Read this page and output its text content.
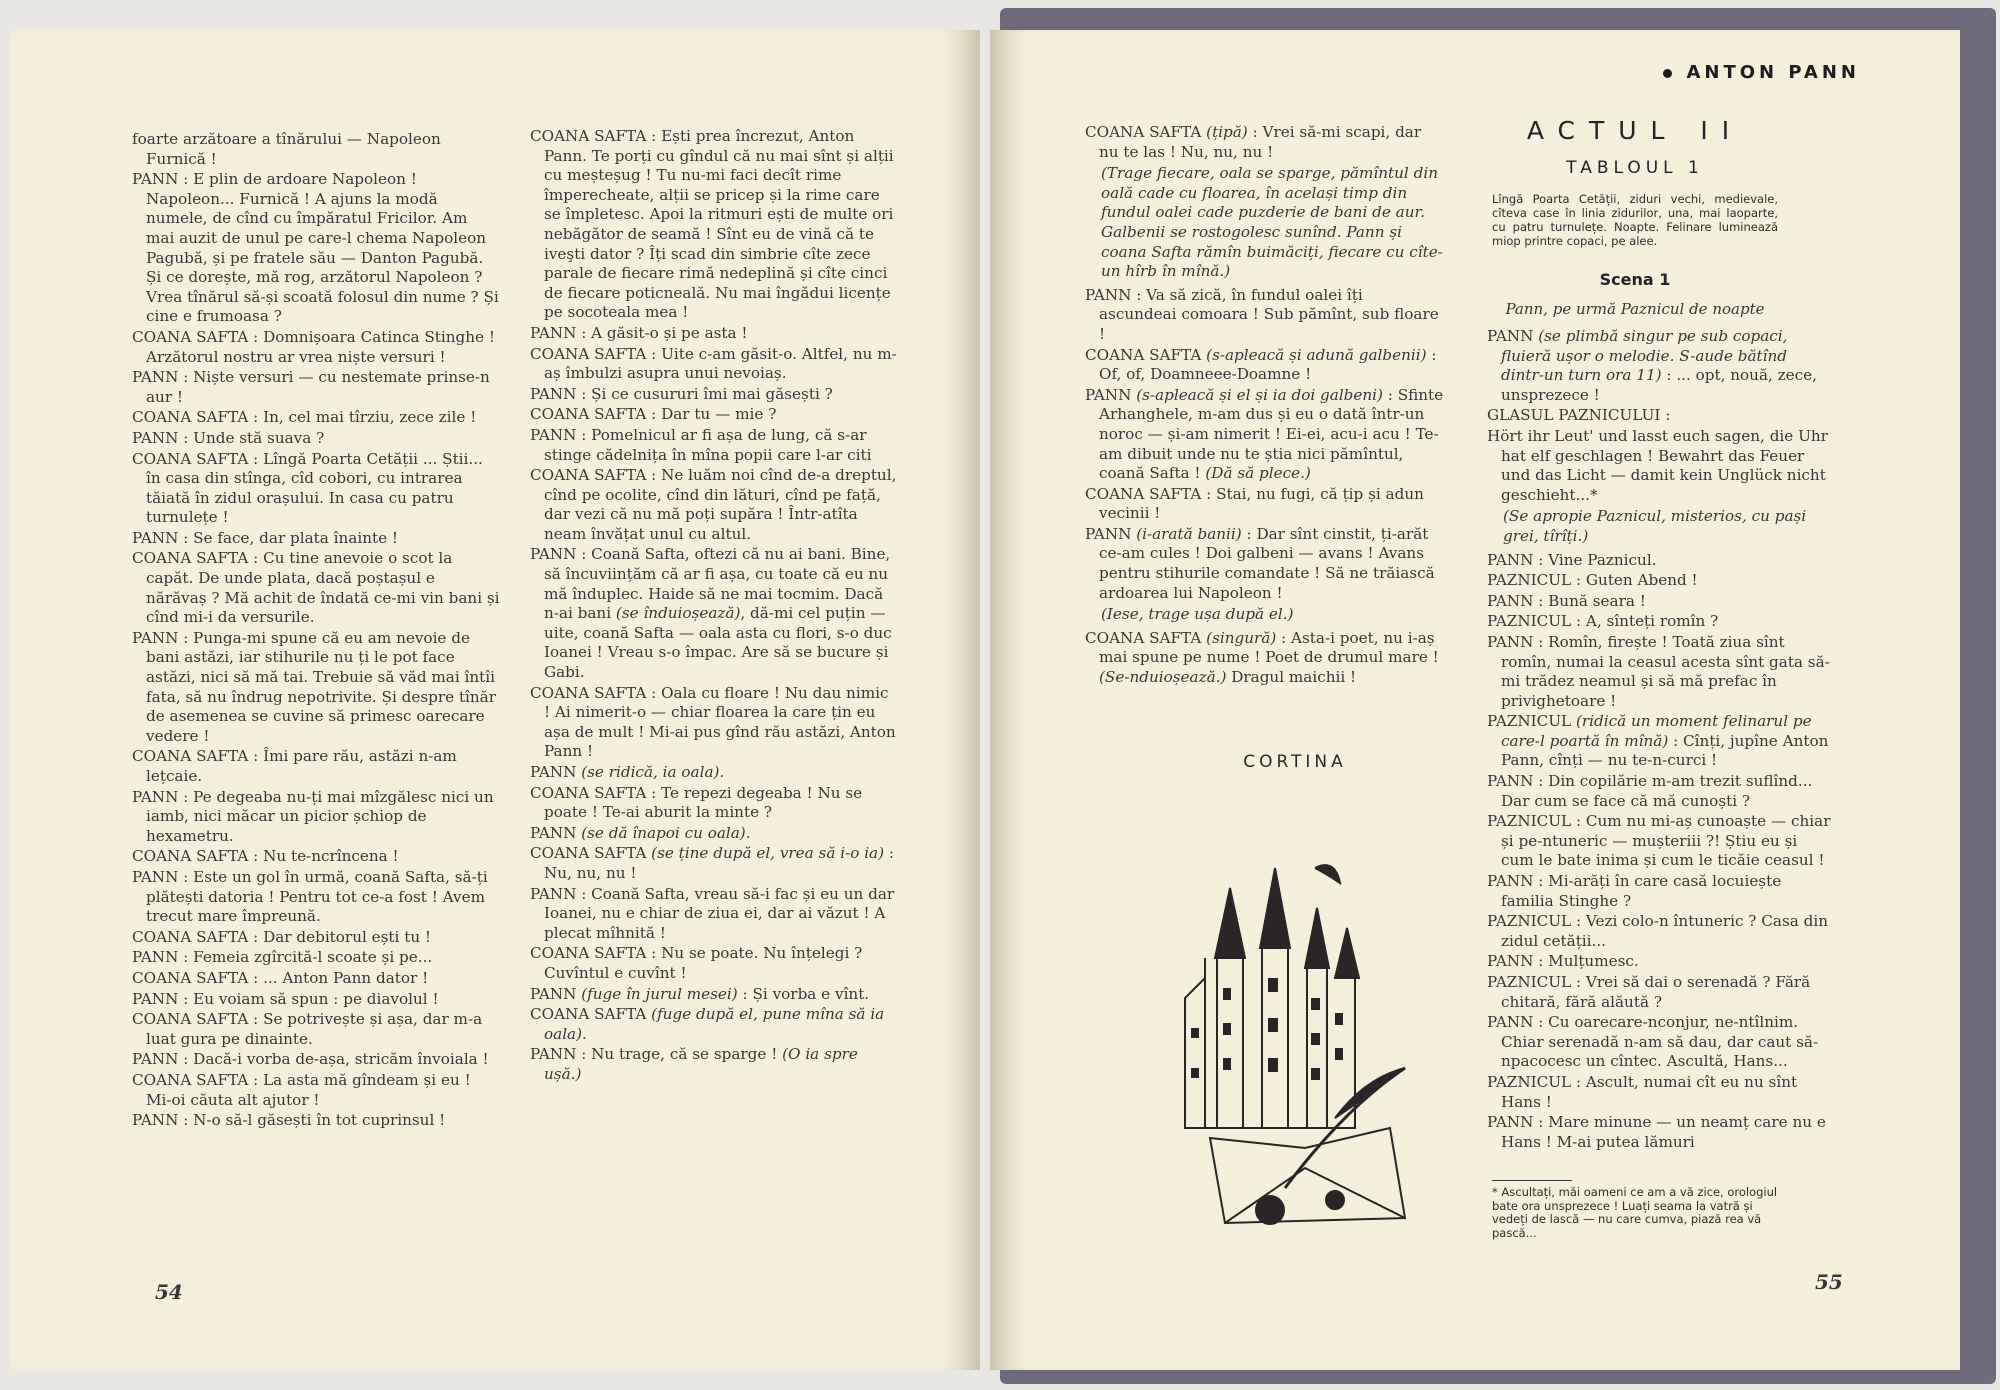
foarte arzătoare a tînărului — Napoleon Furnică !

PANN : E plin de ardoare Napoleon ! Napoleon... Furnică ! A ajuns la modă numele, de cînd cu împăratul Fricilor. Am mai auzit de unul pe care-l chema Napoleon Pagubă, și pe fratele său — Danton Pagubă. Și ce dorește, mă rog, arzătorul Napoleon ? Vrea tînărul să-și scoată folosul din nume ? Și cine e frumoasa ?

COANA SAFTA : Domnișoara Catinca Stinghe ! Arzătorul nostru ar vrea niște versuri !

PANN : Niște versuri — cu nestemate prinse-n aur !

COANA SAFTA : In, cel mai tîrziu, zece zile !

PANN : Unde stă suava ?

COANA SAFTA : Lîngă Poarta Cetății ... Știi... în casa din stînga, cîd cobori, cu intrarea tăiată în zidul orașului. In casa cu patru turnulețe !

PANN : Se face, dar plata înainte !

COANA SAFTA : Cu tine anevoie o scot la capăt. De unde plata, dacă poștașul e nărăvaș ? Mă achit de îndată ce-mi vin bani și cînd mi-i da versurile.

PANN : Punga-mi spune că eu am nevoie de bani astăzi, iar stihurile nu ți le pot face astăzi, nici să mă tai. Trebuie să văd mai întîi fata, să nu îndrug nepotrivite. Și despre tînăr de asemenea se cuvine să primesc oarecare vedere !

COANA SAFTA : Îmi pare rău, astăzi n-am lețcaie.

PANN : Pe degeaba nu-ți mai mîzgălesc nici un iamb, nici măcar un picior șchiop de hexametru.

COANA SAFTA : Nu te-ncrîncena !

PANN : Este un gol în urmă, coană Safta, să-ți plătești datoria ! Pentru tot ce-a fost ! Avem trecut mare împreună.

COANA SAFTA : Dar debitorul ești tu !

PANN : Femeia zgîrcită-l scoate și pe...

COANA SAFTA : ... Anton Pann dator !

PANN : Eu voiam să spun : pe diavolul !

COANA SAFTA : Se potrivește și așa, dar m-a luat gura pe dinainte.

PANN : Dacă-i vorba de-așa, stricăm învoiala !

COANA SAFTA : La asta mă gîndeam și eu ! Mi-oi căuta alt ajutor !

PANN : N-o să-l găsești în tot cuprinsul !

COANA SAFTA : Ești prea încrezut, Anton Pann. Te porți cu gîndul că nu mai sînt și alții cu meșteșug ! Tu nu-mi faci decît rime împerecheate, alții se pricep și la rime care se împletesc. Apoi la ritmuri ești de multe ori nebăgător de seamă ! Sînt eu de vină că te iveşti dator ? Îți scad din simbrie cîte zece parale de fiecare rimă nedeplină și cîte cinci de fiecare poticneală. Nu mai îngădui licențe pe socoteala mea !

PANN : A găsit-o și pe asta !

COANA SAFTA : Uite c-am găsit-o. Altfel, nu m-aș îmbulzi asupra unui nevoiaș.

PANN : Și ce cusururi îmi mai găsești ?

COANA SAFTA : Dar tu — mie ?

PANN : Pomelnicul ar fi așa de lung, că s-ar stinge cădelnița în mîna popii care l-ar citi

COANA SAFTA : Ne luăm noi cînd de-a dreptul, cînd pe ocolite, cînd din lături, cînd pe față, dar vezi că nu mă poți supăra ! Într-atîta neam învățat unul cu altul.

PANN : Coană Safta, oftezi că nu ai bani. Bine, să încuviințăm că ar fi așa, cu toate că eu nu mă înduplec. Haide să ne mai tocmim. Dacă n-ai bani (se înduioșează), dă-mi cel puțin — uite, coană Safta — oala asta cu flori, s-o duc Ioanei ! Vreau s-o împac. Are să se bucure și Gabi.

COANA SAFTA : Oala cu floare ! Nu dau nimic ! Ai nimerit-o — chiar floarea la care țin eu așa de mult ! Mi-ai pus gînd rău astăzi, Anton Pann !

PANN (se ridică, ia oala).

COANA SAFTA : Te repezi degeaba ! Nu se poate ! Te-ai aburit la minte ?

PANN (se dă înapoi cu oala).

COANA SAFTA (se ține după el, vrea să i-o ia) : Nu, nu, nu !

PANN : Coană Safta, vreau să-i fac și eu un dar Ioanei, nu e chiar de ziua ei, dar ai văzut ! A plecat mîhnită !

COANA SAFTA : Nu se poate. Nu înțelegi ? Cuvîntul e cuvînt !

PANN (fuge în jurul mesei) : Și vorba e vînt.

COANA SAFTA (fuge după el, pune mîna să ia oala).

PANN : Nu trage, că se sparge ! (O ia spre ușă.)

54

COANA SAFTA (țipă) : Vrei să-mi scapi, dar nu te las ! Nu, nu, nu !

(Trage fiecare, oala se sparge, pămîntul din oală cade cu floarea, în același timp din fundul oalei cade puzderie de bani de aur. Galbenii se rostogolesc sunînd. Pann și coana Safta rămîn buimăciți, fiecare cu cîte-un hîrb în mînă.)

PANN : Va să zică, în fundul oalei îți ascundeai comoara ! Sub pămînt, sub floare !

COANA SAFTA (s-apleacă și adună galbenii) : Of, of, Doamneee-Doamne !

PANN (s-apleacă și el și ia doi galbeni) : Sfinte Arhanghele, m-am dus și eu o dată într-un noroc — și-am nimerit ! Ei-ei, acu-i acu ! Te-am dibuit unde nu te știa nici pămîntul, coană Safta ! (Dă să plece.)

COANA SAFTA : Stai, nu fugi, că țip și adun vecinii !

PANN (i-arată banii) : Dar sînt cinstit, ți-arăt ce-am cules ! Doi galbeni — avans ! Avans pentru stihurile comandate ! Să ne trăiască ardoarea lui Napoleon !

(Iese, trage ușa după el.)

COANA SAFTA (singură) : Asta-i poet, nu i-aș mai spune pe nume ! Poet de drumul mare ! (Se-nduioșează.) Dragul maichii !

PANN (se plimbă singur pe sub copaci, fluieră ușor o melodie. S-aude bătînd dintr-un turn ora 11) : ... opt, nouă, zece, unsprezece !

GLASUL PAZNICULUI :

Hört ihr Leut' und lasst euch sagen, die Uhr hat elf geschlagen ! Bewahrt das Feuer und das Licht — damit kein Unglück nicht geschieht...*

(Se apropie Paznicul, misterios, cu pași grei, tîrîți.)

PANN : Vine Paznicul.

PAZNICUL : Guten Abend !

PANN : Bună seara !

PAZNICUL : A, sînteți romîn ?

PANN : Romîn, firește ! Toată ziua sînt romîn, numai la ceasul acesta sînt gata să-mi trădez neamul și să mă prefac în privighetoare !

PAZNICUL (ridică un moment felinarul pe care-l poartă în mînă) : Cînți, jupîne Anton Pann, cînți — nu te-n-curci !

PANN : Din copilărie m-am trezit suflînd... Dar cum se face că mă cunoști ?

PAZNICUL : Cum nu mi-aș cunoaște — chiar și pe-ntuneric — mușteriii ?! Știu eu și cum le bate inima și cum le ticăie ceasul !

PANN : Mi-arăți în care casă locuiește familia Stinghe ?

PAZNICUL : Vezi colo-n întuneric ? Casa din zidul cetății...

PANN : Mulțumesc.

PAZNICUL : Vrei să dai o serenadă ? Fără chitară, fără alăută ?

PANN : Cu oarecare-nconjur, ne-ntîlnim. Chiar serenadă n-am să dau, dar caut să-npacocesc un cîntec. Ascultă, Hans...

PAZNICUL : Ascult, numai cît eu nu sînt Hans !

PANN : Mare minune — un neamț care nu e Hans ! M-ai putea lămuri

55
ANTON PANN
ACTUL II
TABLOUL 1
Lîngă Poarta Cetății, ziduri vechi, medievale, cîteva case în linia zidurilor, una, mai laoparte, cu patru turnulețe. Noapte. Felinare luminează miop printre copaci, pe alee.
Scena 1
Pann, pe urmă Paznicul de noapte
CORTINA
* Ascultați, măi oameni ce am a vă zice, orologiul bate ora unsprezece ! Luați seama la vatră și vedeți de lască — nu care cumva, piază rea vă pască...
